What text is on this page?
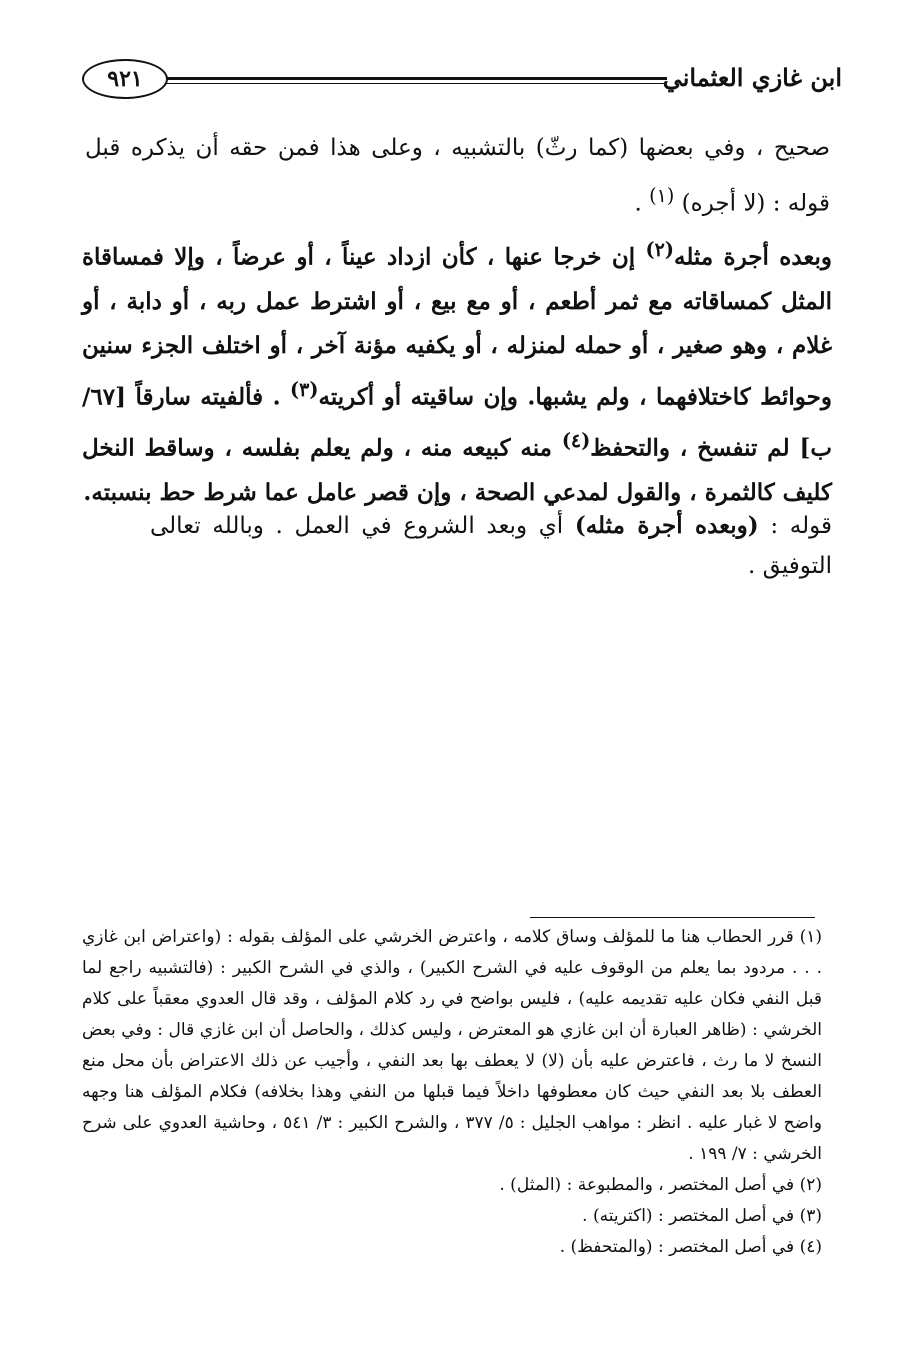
٩٢١	ابن غازي العثماني
صحيح ، وفي بعضها (كما رثّ) بالتشبيه ، وعلى هذا فمن حقه أن يذكره قبل قوله : (لا أجره) $^{(١)}$ .
وبعده أجرة مثله$^{(٢)}$ إن خرجا عنها ، كأن ازداد عيناً ، أو عرضاً ، وإلا فمساقاة المثل كمساقاته مع ثمر أطعم ، أو مع بيع ، أو اشترط عمل ربه ، أو دابة ، أو غلام ، وهو صغير ، أو حمله لمنزله ، أو يكفيه مؤنة آخر ، أو اختلف الجزء سنين وحوائط كاختلافهما ، ولم يشبها. وإن ساقيته أو أكريته$^{(٣)}$ . فألفيته سارقاً [٦٧/ب] لم تنفسخ ، والتحفظ$^{(٤)}$ منه كبيعه منه ، ولم يعلم بفلسه ، وساقط النخل كليف كالثمرة ، والقول لمدعي الصحة ، وإن قصر عامل عما شرط حط بنسبته.
قوله : (وبعده أجرة مثله) أي وبعد الشروع في العمل . وبالله تعالى التوفيق .

(١) قرر الحطاب هنا ما للمؤلف وساق كلامه ، واعترض الخرشي على المؤلف بقوله : (واعتراض ابن غازي . . . مردود بما يعلم من الوقوف عليه في الشرح الكبير) ، والذي في الشرح الكبير : (فالتشبيه راجع لما قبل النفي فكان عليه تقديمه عليه) ، فليس بواضح في رد كلام المؤلف ، وقد قال العدوي معقباً على كلام الخرشي : (ظاهر العبارة أن ابن غازي هو المعترض ، وليس كذلك ، والحاصل أن ابن غازي قال : وفي بعض النسخ لا ما رث ، فاعترض عليه بأن (لا) لا يعطف بها بعد النفي ، وأجيب عن ذلك الاعتراض بأن محل منع العطف بلا بعد النفي حيث كان معطوفها داخلاً فيما قبلها من النفي وهذا بخلافه) فكلام المؤلف هنا وجهه واضح لا غبار عليه . انظر : مواهب الجليل : ٥/ ٣٧٧ ، والشرح الكبير : ٣/ ٥٤١ ، وحاشية العدوي على شرح الخرشي : ٧/ ١٩٩ .

(٢) في أصل المختصر ، والمطبوعة : (المثل) .

(٣) في أصل المختصر : (اكتريته) .

(٤) في أصل المختصر : (والمتحفظ) .
